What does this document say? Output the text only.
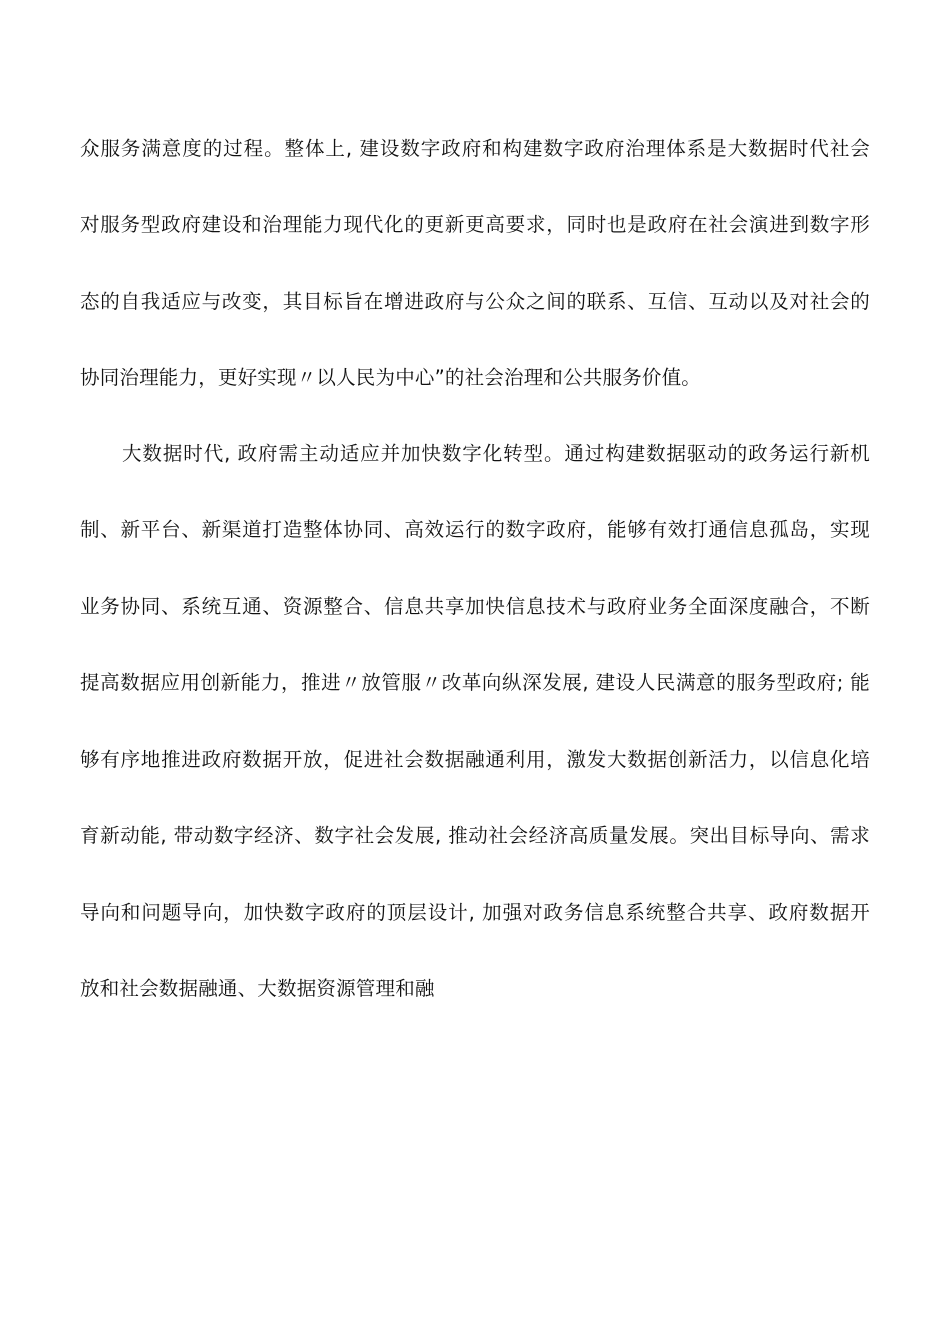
众服务满意度的过程。整体上, 建设数字政府和构建数字政府治理体系是大数据时代社会
对服务型政府建设和治理能力现代化的更新更高要求，同时也是政府在社会演进到数字形
态的自我适应与改变，其目标旨在增进政府与公众之间的联系、互信、互动以及对社会的
协同治理能力，更好实现〃以人民为中心”的社会治理和公共服务价值。
大数据时代, 政府需主动适应并加快数字化转型。通过构建数据驱动的政务运行新机
制、新平台、新渠道打造整体协同、高效运行的数字政府，能够有效打通信息孤岛，实现
业务协同、系统互通、资源整合、信息共享加快信息技术与政府业务全面深度融合，不断
提高数据应用创新能力，推进〃放管服〃改革向纵深发展, 建设人民满意的服务型政府; 能
够有序地推进政府数据开放，促进社会数据融通利用，激发大数据创新活力，以信息化培
育新动能, 带动数字经济、数字社会发展, 推动社会经济高质量发展。突出目标导向、需求
导向和问题导向，加快数字政府的顶层设计, 加强对政务信息系统整合共享、政府数据开
放和社会数据融通、大数据资源管理和融
